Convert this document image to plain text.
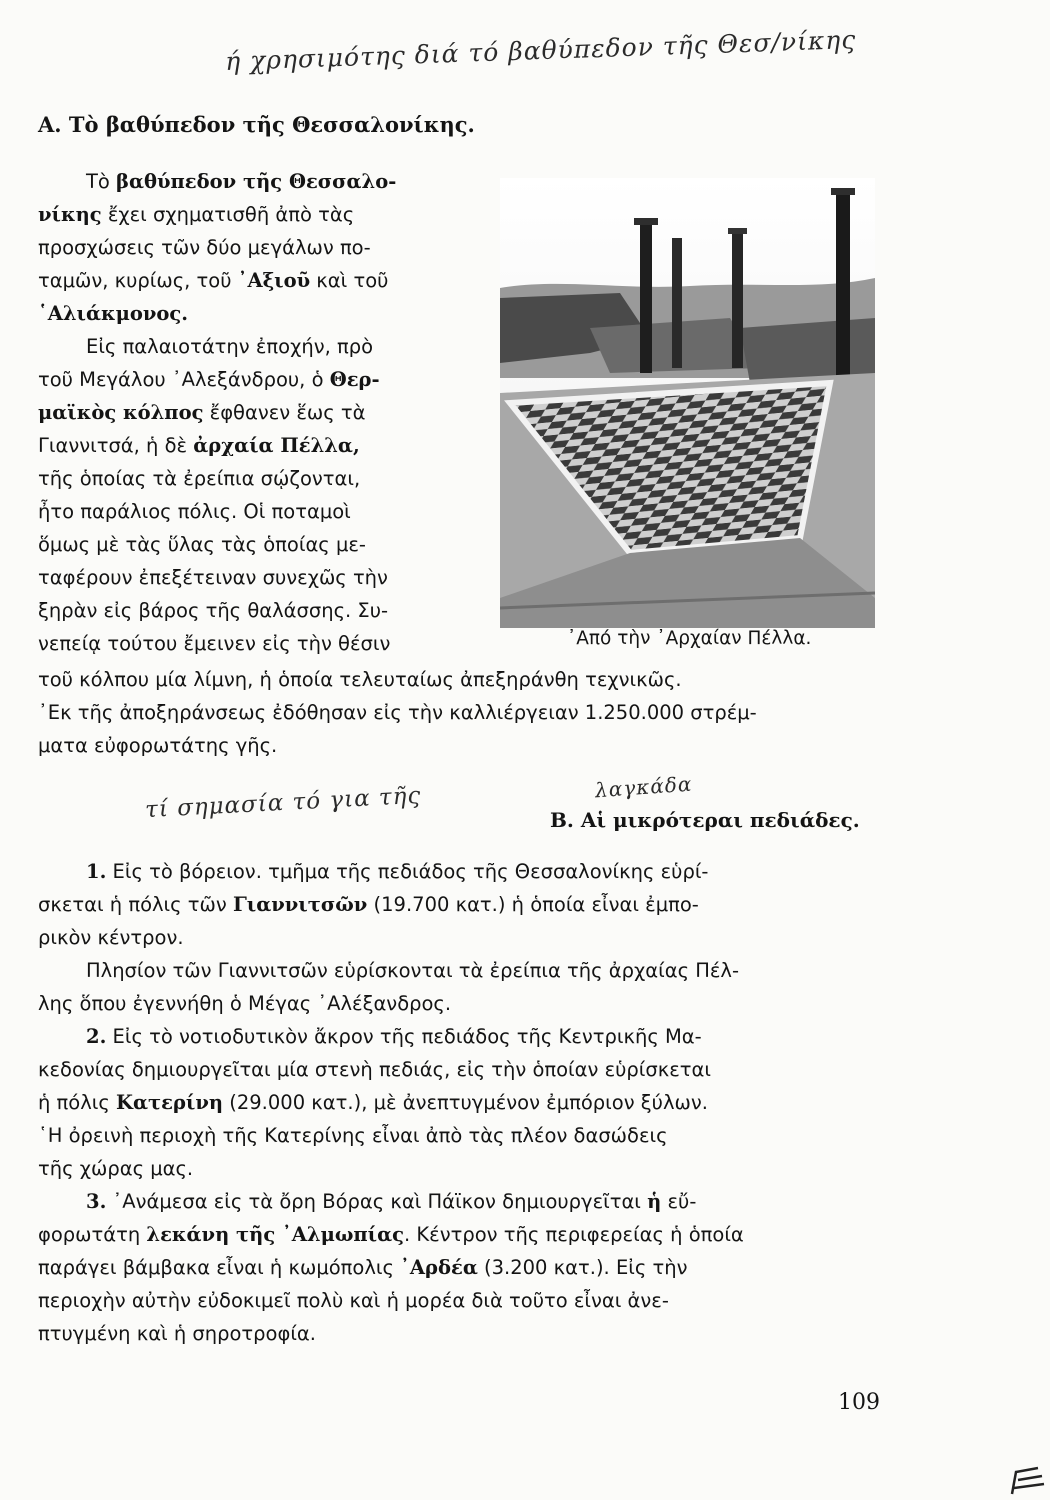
ή χρησιμότης διά τό βαθύπεδον τῆς Θεσ/νίκης
Α. Τὸ βαθύπεδον τῆς Θεσσαλονίκης.
Τὸ βαθύπεδον τῆς Θεσσαλο-
νίκης ἔχει σχηματισθῆ ἀπὸ τὰς
προσχώσεις τῶν δύο μεγάλων πο-
ταμῶν, κυρίως, τοῦ ᾿Αξιοῦ καὶ τοῦ
῾Αλιάκμονος.
Εἰς παλαιοτάτην ἐποχήν, πρὸ
τοῦ Μεγάλου ᾿Αλεξάνδρου, ὁ Θερ-
μαϊκὸς κόλπος ἔφθανεν ἕως τὰ
Γιαννιτσά, ἡ δὲ ἀρχαία Πέλλα,
τῆς ὁποίας τὰ ἐρείπια σῴζονται,
ἦτο παράλιος πόλις. Οἱ ποταμοὶ
ὅμως μὲ τὰς ὕλας τὰς ὁποίας με-
ταφέρουν ἐπεξέτειναν συνεχῶς τὴν
ξηρὰν εἰς βάρος τῆς θαλάσσης. Συ-
νεπείᾳ τούτου ἔμεινεν εἰς τὴν θέσιν	᾿Από τὴν ᾿Αρχαίαν Πέλλα.
τοῦ κόλπου μία λίμνη, ἡ ὁποία τελευταίως ἀπεξηράνθη τεχνικῶς.
᾿Εκ τῆς ἀποξηράνσεως ἐδόθησαν εἰς τὴν καλλιέργειαν 1.250.000 στρέμ-
ματα εὐφορωτάτης γῆς.
τί σημασία τό για τῆς	λαγκάδα
Β. Αἱ μικρότεραι πεδιάδες.
1. Εἰς τὸ βόρειον. τμῆμα τῆς πεδιάδος τῆς Θεσσαλονίκης εὑρί-
σκεται ἡ πόλις τῶν Γιαννιτσῶν (19.700 κατ.) ἡ ὁποία εἶναι ἐμπο-
ρικὸν κέντρον.
Πλησίον τῶν Γιαννιτσῶν εὑρίσκονται τὰ ἐρείπια τῆς ἀρχαίας Πέλ-
λης ὅπου ἐγεννήθη ὁ Μέγας ᾿Αλέξανδρος.
2. Εἰς τὸ νοτιοδυτικὸν ἄκρον τῆς πεδιάδος τῆς Κεντρικῆς Μα-
κεδονίας δημιουργεῖται μία στενὴ πεδιάς, εἰς τὴν ὁποίαν εὑρίσκεται
ἡ πόλις Κατερίνη (29.000 κατ.), μὲ ἀνεπτυγμένον ἐμπόριον ξύλων.
῾Η ὀρεινὴ περιοχὴ τῆς Κατερίνης εἶναι ἀπὸ τὰς πλέον δασώδεις
τῆς χώρας μας.
3. ᾿Ανάμεσα εἰς τὰ ὄρη Βόρας καὶ Πάϊκον δημιουργεῖται ἡ εὔ-
φορωτάτη λεκάνη τῆς ᾿Αλμωπίας. Κέντρον τῆς περιφερείας ἡ ὁποία
παράγει βάμβακα εἶναι ἡ κωμόπολις ᾿Αρδέα (3.200 κατ.). Εἰς τὴν
περιοχὴν αὐτὴν εὐδοκιμεῖ πολὺ καὶ ἡ μορέα διὰ τοῦτο εἶναι ἀνε-
πτυγμένη καὶ ἡ σηροτροφία.
109
